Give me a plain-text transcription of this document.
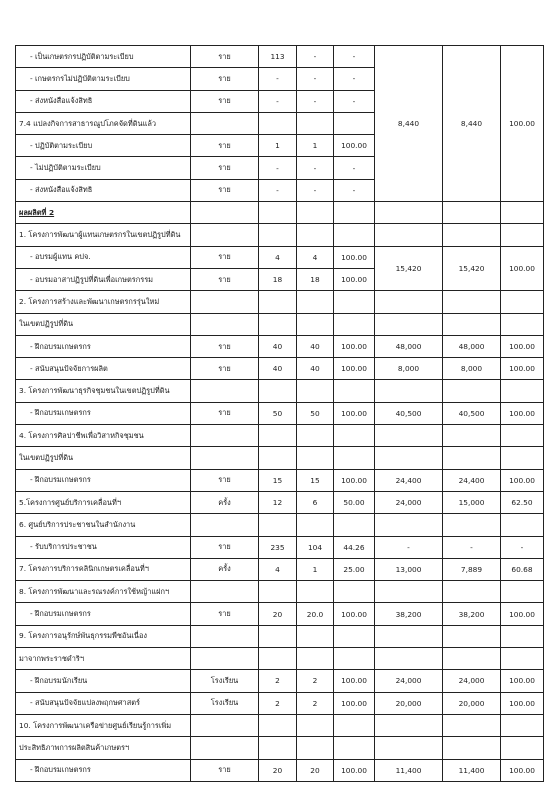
- เป็นเกษตรกรปฏิบัติตามระเบียบ	ราย	113	-	-	8,440	8,440	100.00
- เกษตรกรไม่ปฏิบัติตามระเบียบ	ราย	-	-	-			
- ส่งหนังสือแจ้งสิทธิ	ราย	-	-	-			
7.4 แปลงกิจการสาธารณูปโภคจัดที่ดินแล้ว							
- ปฏิบัติตามระเบียบ	ราย	1	1	100.00			
- ไม่ปฏิบัติตามระเบียบ	ราย	-	-	-			
- ส่งหนังสือแจ้งสิทธิ	ราย	-	-	-			
ผลผลิตที่ 2							
1. โครงการพัฒนาผู้แทนเกษตรกรในเขตปฏิรูปที่ดิน							
- อบรมผู้แทน คปจ.	ราย	4	4	100.00	15,420	15,420	100.00
- อบรมอาสาปฏิรูปที่ดินเพื่อเกษตรกรรม	ราย	18	18	100.00			
2. โครงการสร้างและพัฒนาเกษตรกรรุ่นใหม่							
ในเขตปฏิรูปที่ดิน							
- ฝึกอบรมเกษตรกร	ราย	40	40	100.00	48,000	48,000	100.00
- สนับสนุนปัจจัยการผลิต	ราย	40	40	100.00	8,000	8,000	100.00
3. โครงการพัฒนาธุรกิจชุมชนในเขตปฏิรูปที่ดิน							
- ฝึกอบรมเกษตรกร	ราย	50	50	100.00	40,500	40,500	100.00
4. โครงการศิลปาชีพเพื่อวิสาหกิจชุมชน							
ในเขตปฏิรูปที่ดิน							
- ฝึกอบรมเกษตรกร	ราย	15	15	100.00	24,400	24,400	100.00
5.โครงการศูนย์บริการเคลื่อนที่ฯ	ครั้ง	12	6	50.00	24,000	15,000	62.50
6. ศูนย์บริการประชาชนในสำนักงาน							
- รับบริการประชาชน	ราย	235	104	44.26	-	-	-
7. โครงการบริการคลินิกเกษตรเคลื่อนที่ฯ	ครั้ง	4	1	25.00	13,000	7,889	60.68
8. โครงการพัฒนาและรณรงค์การใช้หญ้าแฝกฯ							
- ฝึกอบรมเกษตรกร	ราย	20	20.0	100.00	38,200	38,200	100.00
9. โครงการอนุรักษ์พันธุกรรมพืชอันเนื่อง							
มาจากพระราชดำริฯ							
- ฝึกอบรมนักเรียน	โรงเรียน	2	2	100.00	24,000	24,000	100.00
- สนับสนุนปัจจัยแปลงพฤกษศาสตร์	โรงเรียน	2	2	100.00	20,000	20,000	100.00
10. โครงการพัฒนาเครือข่ายศูนย์เรียนรู้การเพิ่ม							
ประสิทธิภาพการผลิตสินค้าเกษตรฯ							
- ฝึกอบรมเกษตรกร	ราย	20	20	100.00	11,400	11,400	100.00
